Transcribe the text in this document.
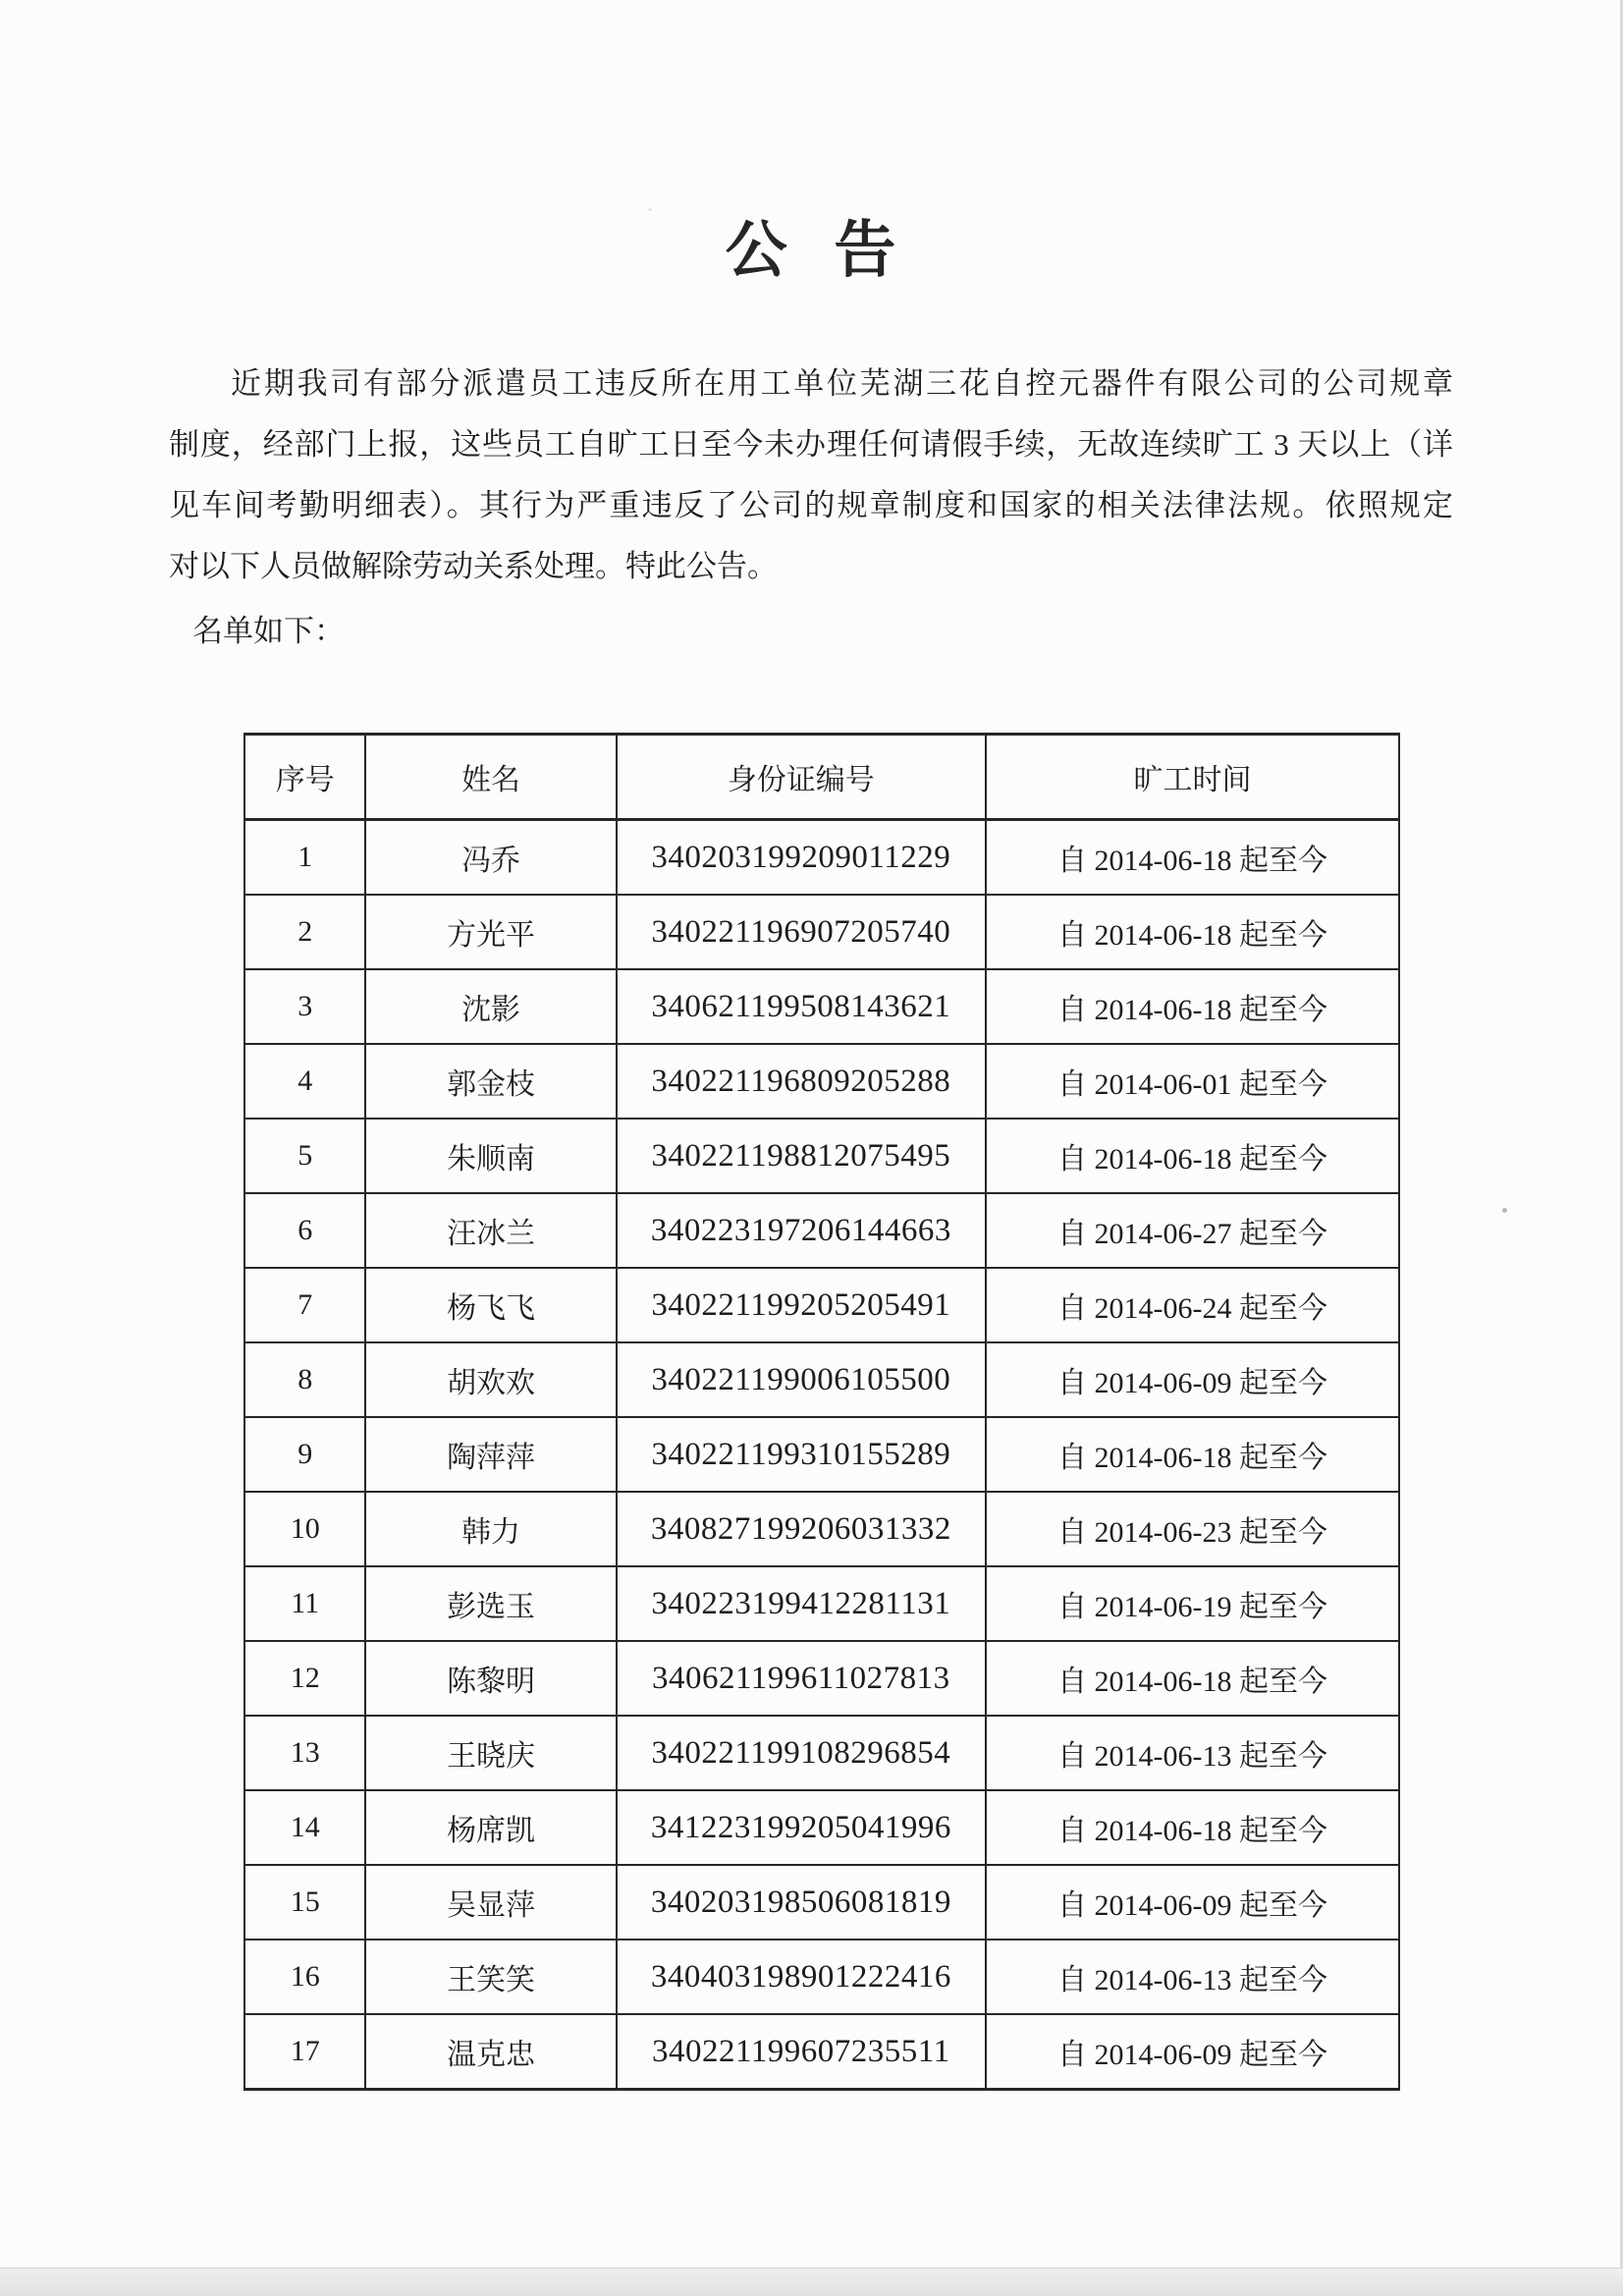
公 告
近期我司有部分派遣员工违反所在用工单位芜湖三花自控元器件有限公司的公司规章
制度，经部门上报，这些员工自旷工日至今未办理任何请假手续，无故连续旷工 3 天以上（详
见车间考勤明细表）。其行为严重违反了公司的规章制度和国家的相关法律法规。依照规定
对以下人员做解除劳动关系处理。特此公告。
名单如下：
序号	姓名	身份证编号	旷工时间
1	冯乔	340203199209011229	自 2014-06-18 起至今
2	方光平	340221196907205740	自 2014-06-18 起至今
3	沈影	340621199508143621	自 2014-06-18 起至今
4	郭金枝	340221196809205288	自 2014-06-01 起至今
5	朱顺南	340221198812075495	自 2014-06-18 起至今
6	汪冰兰	340223197206144663	自 2014-06-27 起至今
7	杨飞飞	340221199205205491	自 2014-06-24 起至今
8	胡欢欢	340221199006105500	自 2014-06-09 起至今
9	陶萍萍	340221199310155289	自 2014-06-18 起至今
10	韩力	340827199206031332	自 2014-06-23 起至今
11	彭选玉	340223199412281131	自 2014-06-19 起至今
12	陈黎明	340621199611027813	自 2014-06-18 起至今
13	王晓庆	340221199108296854	自 2014-06-13 起至今
14	杨席凯	341223199205041996	自 2014-06-18 起至今
15	吴显萍	340203198506081819	自 2014-06-09 起至今
16	王笑笑	340403198901222416	自 2014-06-13 起至今
17	温克忠	340221199607235511	自 2014-06-09 起至今
